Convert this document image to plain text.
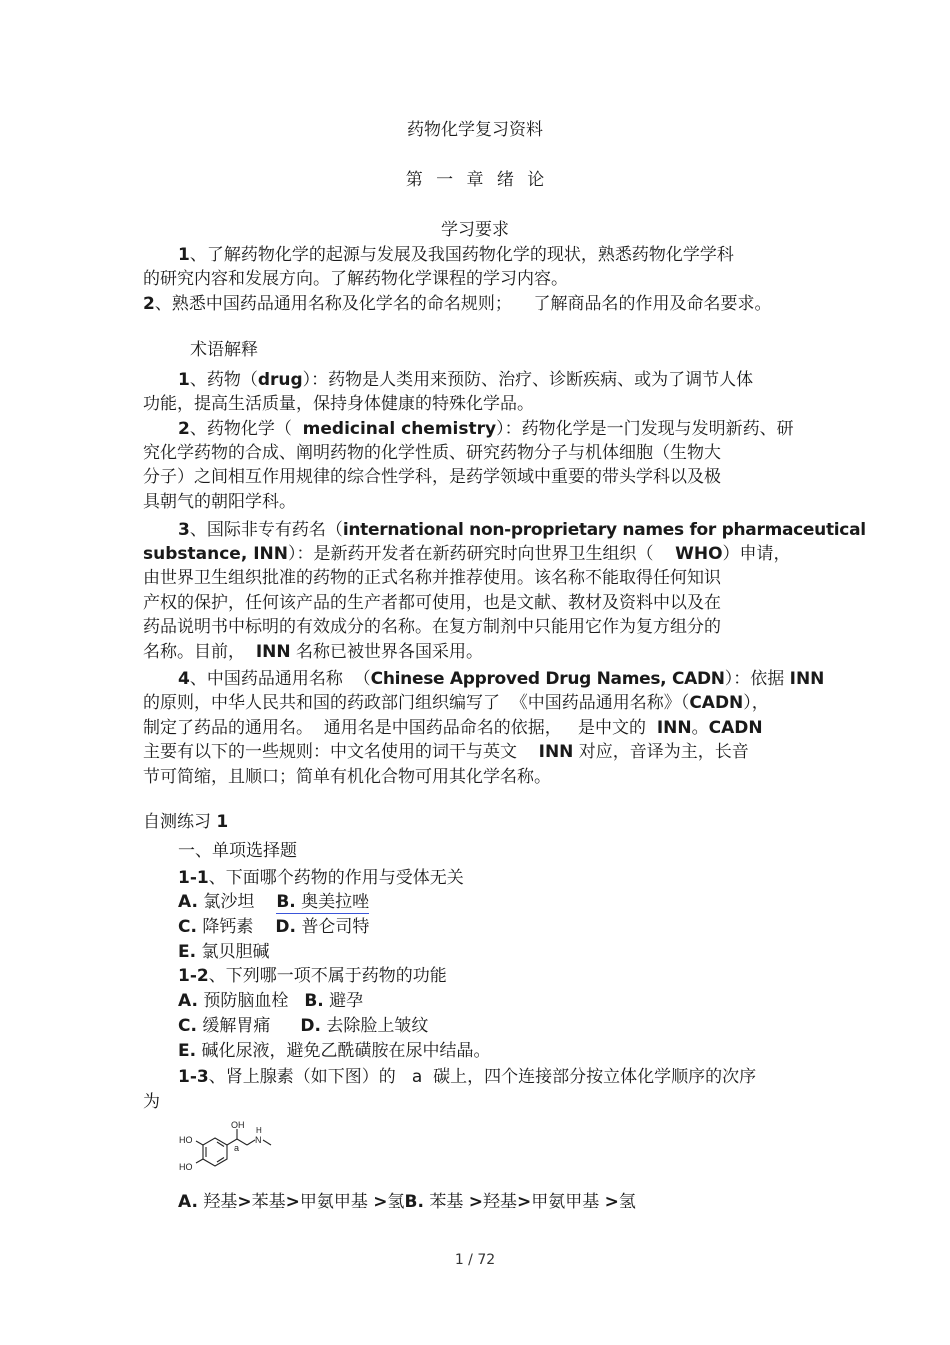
药物化学复习资料
第 一 章 绪 论
学习要求
1、了解药物化学的起源与发展及我国药物化学的现状，熟悉药物化学学科
的研究内容和发展方向。了解药物化学课程的学习内容。
2、熟悉中国药品通用名称及化学名的命名规则；    了解商品名的作用及命名要求。
术语解释
1、药物（drug）：药物是人类用来预防、治疗、诊断疾病、或为了调节人体
功能，提高生活质量，保持身体健康的特殊化学品。
2、药物化学（  medicinal chemistry）：药物化学是一门发现与发明新药、研
究化学药物的合成、阐明药物的化学性质、研究药物分子与机体细胞（生物大
分子）之间相互作用规律的综合性学科，是药学领域中重要的带头学科以及极
具朝气的朝阳学科。
3、国际非专有药名（international non-proprietary names for pharmaceutical
substance, INN）：是新药开发者在新药研究时向世界卫生组织（    WHO）申请，
由世界卫生组织批准的药物的正式名称并推荐使用。该名称不能取得任何知识
产权的保护，任何该产品的生产者都可使用，也是文献、教材及资料中以及在
药品说明书中标明的有效成分的名称。在复方制剂中只能用它作为复方组分的
名称。目前，  INN 名称已被世界各国采用。
4、中国药品通用名称  （Chinese Approved Drug Names, CADN）：依据 INN
的原则，中华人民共和国的药政部门组织编写了  《中国药品通用名称》（CADN），
制定了药品的通用名。  通用名是中国药品命名的依据，   是中文的  INN。CADN
主要有以下的一些规则：中文名使用的词干与英文    INN 对应，音译为主，长音
节可简缩，且顺口；简单有机化合物可用其化学名称。
自测练习 1
一、单项选择题
1-1、下面哪个药物的作用与受体无关
A. 氯沙坦 B. 奥美拉唑
C. 降钙素 D. 普仑司特
E. 氯贝胆碱
1-2、下列哪一项不属于药物的功能
A. 预防脑血栓 B. 避孕
C. 缓解胃痛 D. 去除脸上皱纹
E. 碱化尿液，避免乙酰磺胺在尿中结晶。
1-3、肾上腺素（如下图）的   a  碳上，四个连接部分按立体化学顺序的次序
为
HO
HO
OH
H
N
a
A. 羟基>苯基>甲氨甲基 >氢B. 苯基 >羟基>甲氨甲基 >氢
1 / 72
